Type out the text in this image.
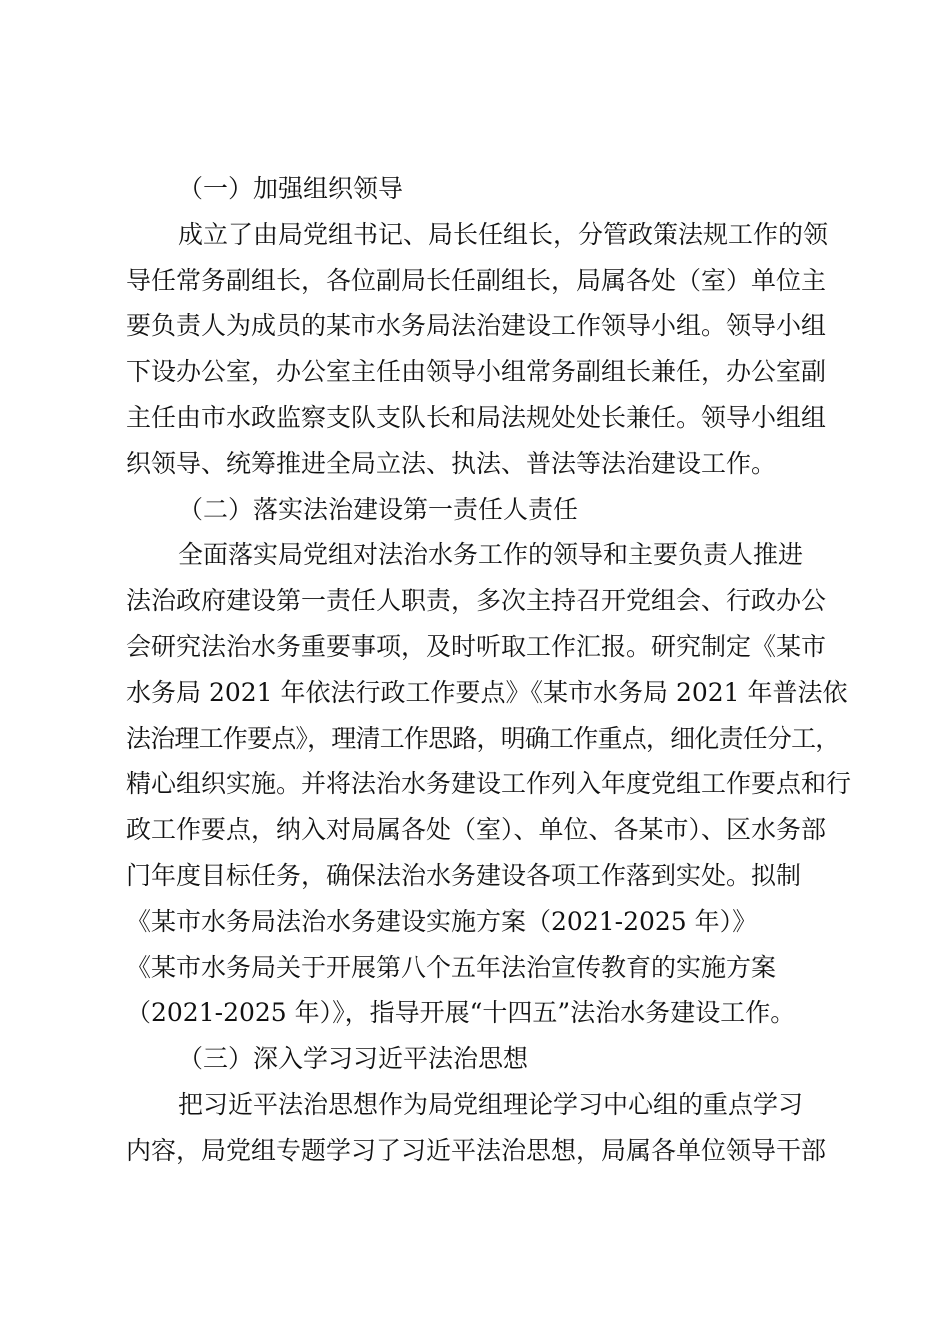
（一）加强组织领导
成立了由局党组书记、局长任组长，分管政策法规工作的领
导任常务副组长，各位副局长任副组长，局属各处（室）单位主
要负责人为成员的某市水务局法治建设工作领导小组。领导小组
下设办公室，办公室主任由领导小组常务副组长兼任，办公室副
主任由市水政监察支队支队长和局法规处处长兼任。领导小组组
织领导、统筹推进全局立法、执法、普法等法治建设工作。
（二）落实法治建设第一责任人责任
全面落实局党组对法治水务工作的领导和主要负责人推进
法治政府建设第一责任人职责，多次主持召开党组会、行政办公
会研究法治水务重要事项，及时听取工作汇报。研究制定《某市
水务局 2021 年依法行政工作要点》《某市水务局 2021 年普法依
法治理工作要点》，理清工作思路，明确工作重点，细化责任分工，
精心组织实施。并将法治水务建设工作列入年度党组工作要点和行
政工作要点，纳入对局属各处（室）、单位、各某市）、区水务部
门年度目标任务，确保法治水务建设各项工作落到实处。拟制
《某市水务局法治水务建设实施方案（2021-2025 年）》
《某市水务局关于开展第八个五年法治宣传教育的实施方案
（2021-2025 年）》，指导开展“十四五”法治水务建设工作。
（三）深入学习习近平法治思想
把习近平法治思想作为局党组理论学习中心组的重点学习
内容，局党组专题学习了习近平法治思想，局属各单位领导干部
